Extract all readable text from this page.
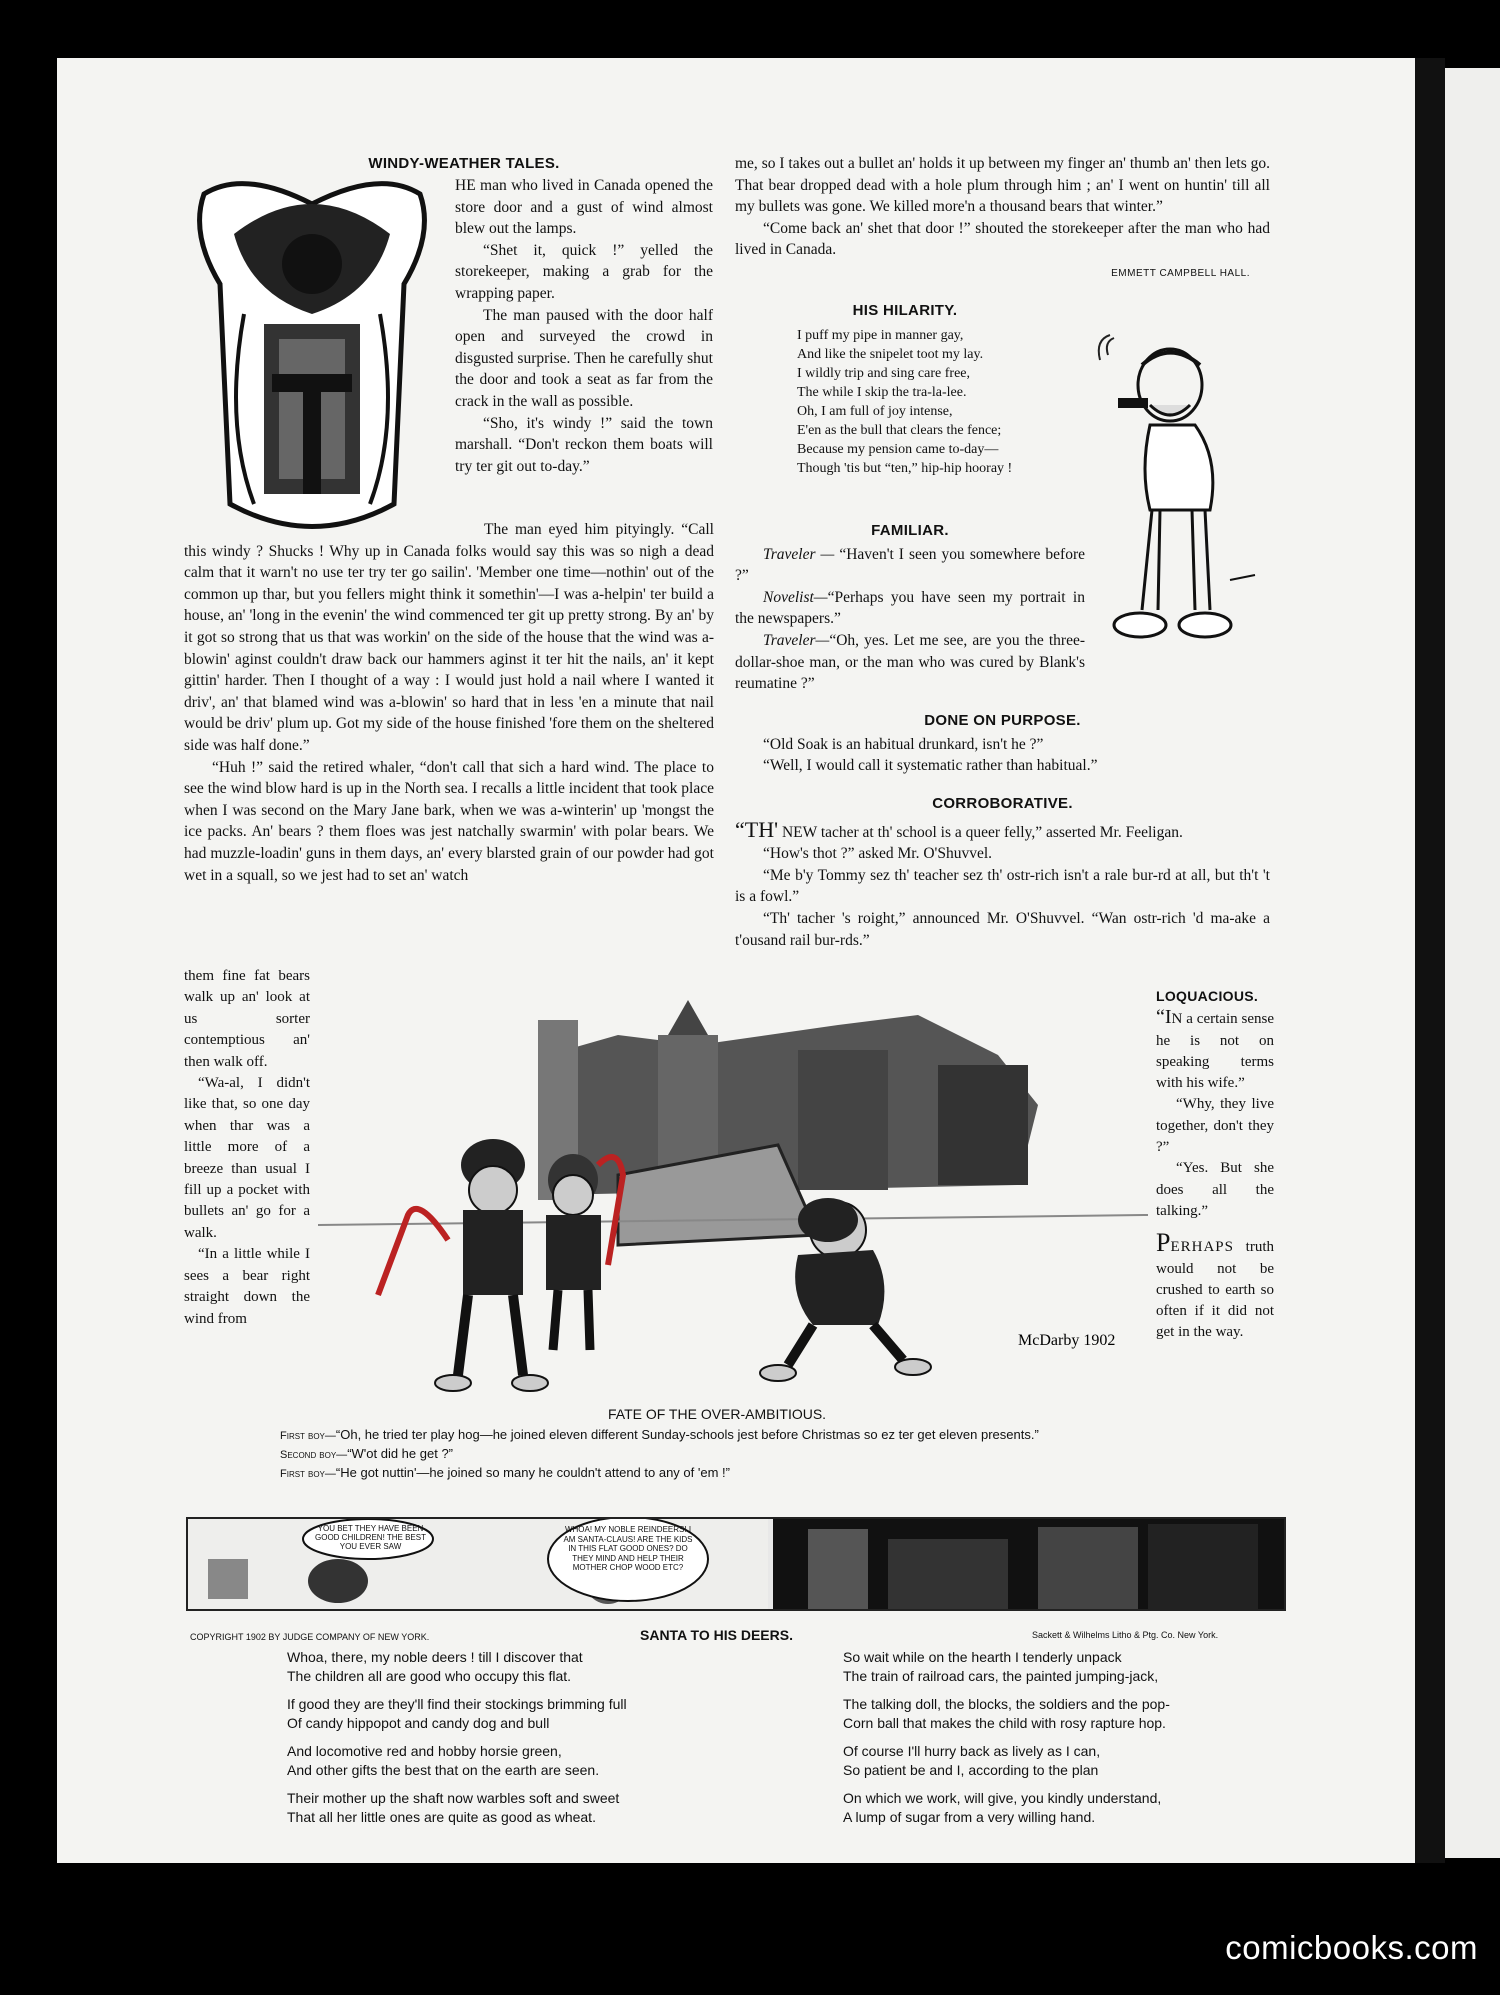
WINDY-WEATHER TALES.

HE man who lived in Canada opened the store door and a gust of wind almost blew out the lamps.

“Shet it, quick !” yelled the storekeeper, making a grab for the wrapping paper.

The man paused with the door half open and surveyed the crowd in disgusted surprise. Then he carefully shut the door and took a seat as far from the crack in the wall as possible.

“Sho, it's windy !” said the town marshall. “Don't reckon them boats will try ter git out to-day.”

The man eyed him pityingly. “Call this windy ? Shucks ! Why up in Canada folks would say this was so nigh a dead calm that it warn't no use ter try ter go sailin'. 'Member one time—nothin' out of the common up thar, but you fellers might think it somethin'—I was a-helpin' ter build a house, an' 'long in the evenin' the wind commenced ter git up pretty strong. By an' by it got so strong that us that was workin' on the side of the house that the wind was a-blowin' aginst couldn't draw back our hammers aginst it ter hit the nails, an' it kept gittin' harder. Then I thought of a way : I would just hold a nail where I wanted it driv', an' that blamed wind was a-blowin' so hard that in less 'en a minute that nail would be driv' plum up. Got my side of the house finished 'fore them on the sheltered side was half done.”

“Huh !” said the retired whaler, “don't call that sich a hard wind. The place to see the wind blow hard is up in the North sea. I recalls a little incident that took place when I was second on the Mary Jane bark, when we was a-winterin' up 'mongst the ice packs. An' bears ? them floes was jest natchally swarmin' with polar bears. We had muzzle-loadin' guns in them days, an' every blarsted grain of our powder had got wet in a squall, so we jest had to set an' watch

them fine fat bears walk up an' look at us sorter contemptious an' then walk off.

“Wa-al, I didn't like that, so one day when thar was a little more of a breeze than usual I fill up a pocket with bullets an' go for a walk.

“In a little while I sees a bear right straight down the wind from

me, so I takes out a bullet an' holds it up between my finger an' thumb an' then lets go. That bear dropped dead with a hole plum through him ; an' I went on huntin' till all my bullets was gone. We killed more'n a thousand bears that winter.”

“Come back an' shet that door !” shouted the storekeeper after the man who had lived in Canada.

EMMETT CAMPBELL HALL.

HIS HILARITY.

I puff my pipe in manner gay,

And like the snipelet toot my lay.

I wildly trip and sing care free,

The while I skip the tra-la-lee.

Oh, I am full of joy intense,

E'en as the bull that clears the fence;

Because my pension came to-day—

Though 'tis but “ten,” hip-hip hooray !

FAMILIAR.

Traveler — “Haven't I seen you somewhere before ?”

Novelist—“Perhaps you have seen my portrait in the newspapers.”

Traveler—“Oh, yes. Let me see, are you the three-dollar-shoe man, or the man who was cured by Blank's reumatine ?”

DONE ON PURPOSE.

“Old Soak is an habitual drunkard, isn't he ?”

“Well, I would call it systematic rather than habitual.”

CORROBORATIVE.

“TH' NEW tacher at th' school is a queer felly,” asserted Mr. Feeligan.

“How's thot ?” asked Mr. O'Shuvvel.

“Me b'y Tommy sez th' teacher sez th' ostr-rich isn't a rale bur-rd at all, but th't 't is a fowl.”

“Th' tacher 's roight,” announced Mr. O'Shuvvel. “Wan ostr-rich 'd ma-ake a t'ousand rail bur-rds.”

LOQUACIOUS.

“IN a certain sense he is not on speaking terms with his wife.”

“Why, they live together, don't they ?”

“Yes. But she does all the talking.”

PERHAPS truth would not be crushed to earth so often if it did not get in the way.

McDarby 1902

FATE OF THE OVER-AMBITIOUS.

First boy—“Oh, he tried ter play hog—he joined eleven different Sunday-schools jest before Christmas so ez ter get eleven presents.”

Second boy—“W'ot did he get ?”

First boy—“He got nuttin'—he joined so many he couldn't attend to any of 'em !”

YOU BET THEY HAVE BEEN GOOD CHILDREN! THE BEST YOU EVER SAW
WHOA! MY NOBLE REINDEERS! I AM SANTA-CLAUS! ARE THE KIDS IN THIS FLAT GOOD ONES? DO THEY MIND AND HELP THEIR MOTHER CHOP WOOD ETC?
COPYRIGHT 1902 BY JUDGE COMPANY OF NEW YORK.	SANTA TO HIS DEERS.	Sackett & Wilhelms Litho & Ptg. Co. New York.

Whoa, there, my noble deers ! till I discover that

The children all are good who occupy this flat.

If good they are they'll find their stockings brimming full

Of candy hippopot and candy dog and bull

And locomotive red and hobby horsie green,

And other gifts the best that on the earth are seen.

Their mother up the shaft now warbles soft and sweet

That all her little ones are quite as good as wheat.

So wait while on the hearth I tenderly unpack

The train of railroad cars, the painted jumping-jack,

The talking doll, the blocks, the soldiers and the pop-

Corn ball that makes the child with rosy rapture hop.

Of course I'll hurry back as lively as I can,

So patient be and I, according to the plan

On which we work, will give, you kindly understand,

A lump of sugar from a very willing hand.

comicbooks.com
